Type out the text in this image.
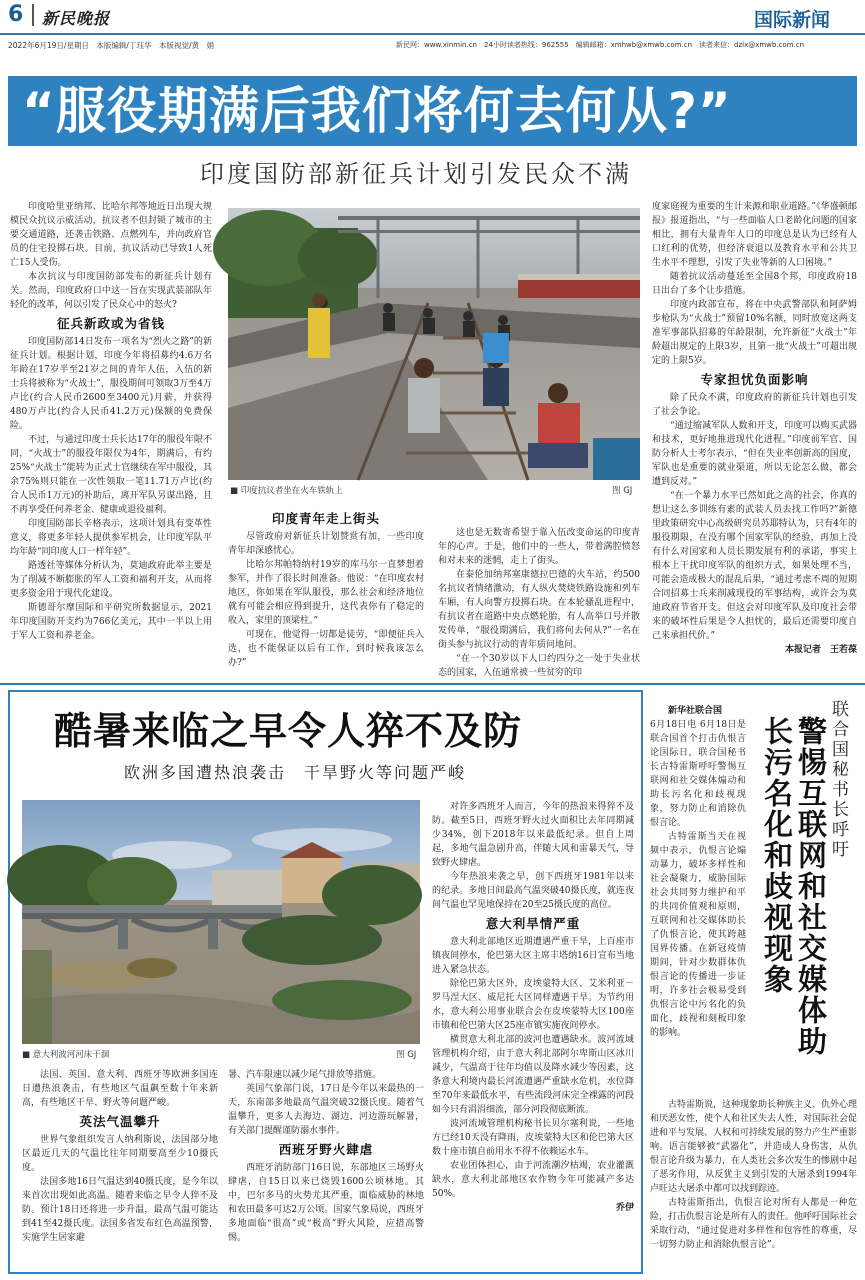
6 新民晚报	国际新闻
2022年6月19日/星期日　本版编辑/丁珏华　本版视觉/黄　娟	新民网：www.xinmin.cn　24小时读者热线：962555　编辑邮箱：xmhwb@xmwb.com.cn　读者来信：dzlx@xmwb.com.cn
“服役期满后我们将何去何从?”
印度国防部新征兵计划引发民众不满

印度哈里亚纳邦、比哈尔邦等地近日出现大规模民众抗议示威活动，抗议者不但封锁了城市的主要交通道路，还袭击铁路、点燃列车，并向政府官员的住宅投掷石块。目前，抗议活动已导致1人死亡15人受伤。

本次抗议与印度国防部发布的新征兵计划有关。然而，印度政府口中这一旨在实现武装部队年轻化的改革，何以引发了民众心中的怒火?

征兵新政或为省钱

印度国防部14日发布一项名为“烈火之路”的新征兵计划。根据计划，印度今年将招募约4.6万名年龄在17岁半至21岁之间的青年人伍，入伍的新士兵将被称为“火战士”，服役期间可领取3万至4万卢比(约合人民币2600至3400元)月薪，并获得480万卢比(约合人民币41.2万元)保额的免费保险。

不过，与通过印度士兵长达17年的服役年限不同，“火战士”的服役年限仅为4年，期满后，有约25%“火战士”能转为正式士官继续在军中服役，其余75%则只能在一次性领取一笔11.71万卢比(约合人民币1万元)的补助后，离开军队另谋出路，且不再享受任何养老金、健康或退役福利。

印度国防部长辛格表示，这项计划具有变革性意义，将更多年轻人提供参军机会，让印度军队平均年龄“同印度人口一样年轻”。

路透社等媒体分析认为，莫迪政府此举主要是为了削减不断膨胀的军人工资和福利开支，从而将更多资金用于现代化建设。

斯德哥尔摩国际和平研究所数据显示，2021年印度国防开支约为766亿美元，其中一半以上用于军人工资和养老金。

■ 印度抗议者坐在火车铁轨上	图 GJ
印度青年走上街头

尽管政府对新征兵计划赞赏有加，一些印度青年却深感忧心。

比哈尔邦帕特纳村19岁的库马尔一直梦想着参军，并作了很长时间准备。他说：“在印度农村地区，你如果在军队服役，那么社会和经济地位就有可能会相应得到提升，这代表你有了稳定的收入，家里的顶梁柱。”

可现在，他觉得一切都是徒劳，“即便征兵入选，也不能保证以后有工作，到时候我该怎么办?”

这也是无数寄希望于靠入伍改变命运的印度青年的心声。于是，他们中的一些人，带着满腔愤怒和对未来的迷惘，走上了街头。

在泰伦加纳邦塞康德拉巴德的火车站，约500名抗议者情绪激动，有人纵火焚烧铁路设施和列车车厢，有人向警方投掷石块。在本轮骚乱进程中，有抗议者在道路中央点燃轮胎，有人高举口号并散发传单，“服役期满后，我们将何去何从?”一名在街头参与抗议行动的青年质问地问。

“在一个30岁以下人口约四分之一处于失业状态的国家，入伍通常被一些贫穷的印

度家庭视为重要的生计来源和职业道路。”《华盛顿邮报》报道指出，“与一些面临人口老龄化问题的国家相比，拥有大量青年人口的印度总是认为已经有人口红利的优势，但经济衰退以及教育水平和公共卫生水平不理想，引发了失业等新的人口困境。”

随着抗议活动蔓延至全国8个邦，印度政府18日出台了多个让步措施。

印度内政部宣布，将在中央武警部队和阿萨姆步枪队为“火战士”预留10%名额，同时放宽这两支准军事部队招募的年龄限制，允许新征“火战士”年龄超出规定的上限3岁，且第一批“火战士”可超出规定的上限5岁。

专家担忧负面影响

除了民众不满，印度政府的新征兵计划也引发了社会争论。

“通过缩减军队人数和开支，印度可以购买武器和技术，更好地推进现代化进程。”印度前军官、国防分析人士考尔表示，“但在失业率创新高的国度，军队也是重要的就业渠道，所以无论怎么做，都会遭到反对。”

“在一个暴力水平已然如此之高的社会，你真的想让这么多训练有素的武装人员去找工作吗?”新德里政策研究中心高级研究员苏耶特认为，只有4年的服役期限，在没有哪个国家军队的经验，再加上没有什么对国家和人员长期发展有利的承诺，事实上根本上干扰印度军队的组织方式，如果处理不当，可能会造成极大的混乱后果，“通过考虑不周的短期合同招募士兵来削减现役的军事结构，或许会为莫迪政府节省开支。但这会对印度军队及印度社会带来的破坏性后果是令人担忧的，最后还需要印度自己来承担代价。”

本报记者　王若葆

酷暑来临之早令人猝不及防
欧洲多国遭热浪袭击　干旱野火等问题严峻
■ 意大利波河河床干涸	图 GJ

法国、英国、意大利、西班牙等欧洲多国连日遭热浪袭击，有些地区气温飙至数十年来新高，有些地区干旱、野火等问题严峻。

英法气温攀升

世界气象组织发言人纳利斯说，法国部分地区最近几天的气温比往年同期要高至少10摄氏度。

法国多地16日气温达到40摄氏度，是今年以来首次出现如此高温。随着来临之早令人猝不及防。预计18日还将进一步升温，最高气温可能达到41至42摄氏度。法国多省发布红色高温预警，实施学生居家避

暑、汽车限速以减少尾气排放等措施。

英国气象部门说，17日是今年以来最热的一天，东南部多地最高气温突破32摄氏度。随着气温攀升，更多人去海边、湖边、河边游玩解暑，有关部门提醒谨防溺水事件。

西班牙野火肆虐

西班牙消防部门16日说，东部地区三场野火肆虐，自15日以来已烧毁1600公顷林地。其中，巴尔多马的火势尤其严重，面临威胁的林地和农田最多可达2万公顷。国家气象局说，西班牙多地面临“很高”或“极高”野火风险，应措高警惕。

对许多西班牙人而言，今年的热浪来得猝不及防。截至5日，西班牙野火过火面积比去年同期减少34%，创下2018年以来最低纪录。但自上周起，多地气温急剧升高，伴随大风和雷暴天气，导致野火肆虐。

今年热浪来袭之早，创下西班牙1981年以来的纪录。多地日间最高气温突破40摄氏度，就连夜间气温也罕见地保持在20至25摄氏度的高位。

意大利旱情严重

意大利北部地区近期遭遇严重干旱，上百座市镇夜间停水，伦巴第大区主席丰塔纳16日宣布当地进入紧急状态。

除伦巴第大区外，皮埃蒙特大区、艾米利亚－罗马涅大区、威尼托大区同样遭遇干旱。为节约用水，意大利公用事业联合会在皮埃蒙特大区100座市镇和伦巴第大区25座市镇实施夜间停水。

横贯意大利北部的波河也遭遇缺水。波河流域管理机构介绍，由于意大利北部阿尔卑斯山区冰川减少，气温高于往年均值以及降水减少等因素，这条意大利境内最长河流遭遇严重缺水危机，水位降至70年来最低水平，有些流段河床完全裸露的河段如今只有涓涓细流，部分河段彻底断流。

波河流域管理机构秘书长贝尔塞利说，一些地方已经10天没有降雨，皮埃蒙特大区和伦巴第大区数十座市镇自前用水不得不依赖运水车。

农业团体担心，由于河流潮汐枯竭，农业灌溉缺水，意大利北部地区农作物今年可能减产多达50%。

乔伊

联合国秘书长呼吁
警惕互联网和社交媒体助长污名化和歧视现象

新华社联合国

6月18日电 6月18日是联合国首个打击仇恨言论国际日，联合国秘书长古特雷斯呼吁警惕互联网和社交媒体煽动和助长污名化和歧视现象，努力防止和消除仇恨言论。

古特雷斯当天在视频中表示，仇恨言论煽动暴力，破坏多样性和社会凝聚力，威胁国际社会共同努力维护和平的共同价值观和原则，互联网和社交媒体助长了仇恨言论，使其跨越国界传播。在新冠疫情期间，针对少数群体仇恨言论的传播进一步证明，许多社会极易受到仇恨言论中污名化的负面化，歧视和刻板印象的影响。

古特雷斯说，这种现象助长种族主义、仇外心理和厌恶女性，使个人和社区失去人性，对国际社会促进和平与发展、人权和可持续发展的努力产生严重影响。语言能够被“武器化”，并造成人身伤害，从仇恨言论升级为暴力，在人类社会多次发生的惨剧中起了恶劣作用，从反犹主义到引发的大屠杀到1994年卢旺达大屠杀中都可以找到踪迹。

古特雷斯指出，仇恨言论对所有人都是一种危险，打击仇恨言论是所有人的责任。他呼吁国际社会采取行动，“通过促进对多样性和包容性的尊重，尽一切努力防止和消除仇恨言论”。
